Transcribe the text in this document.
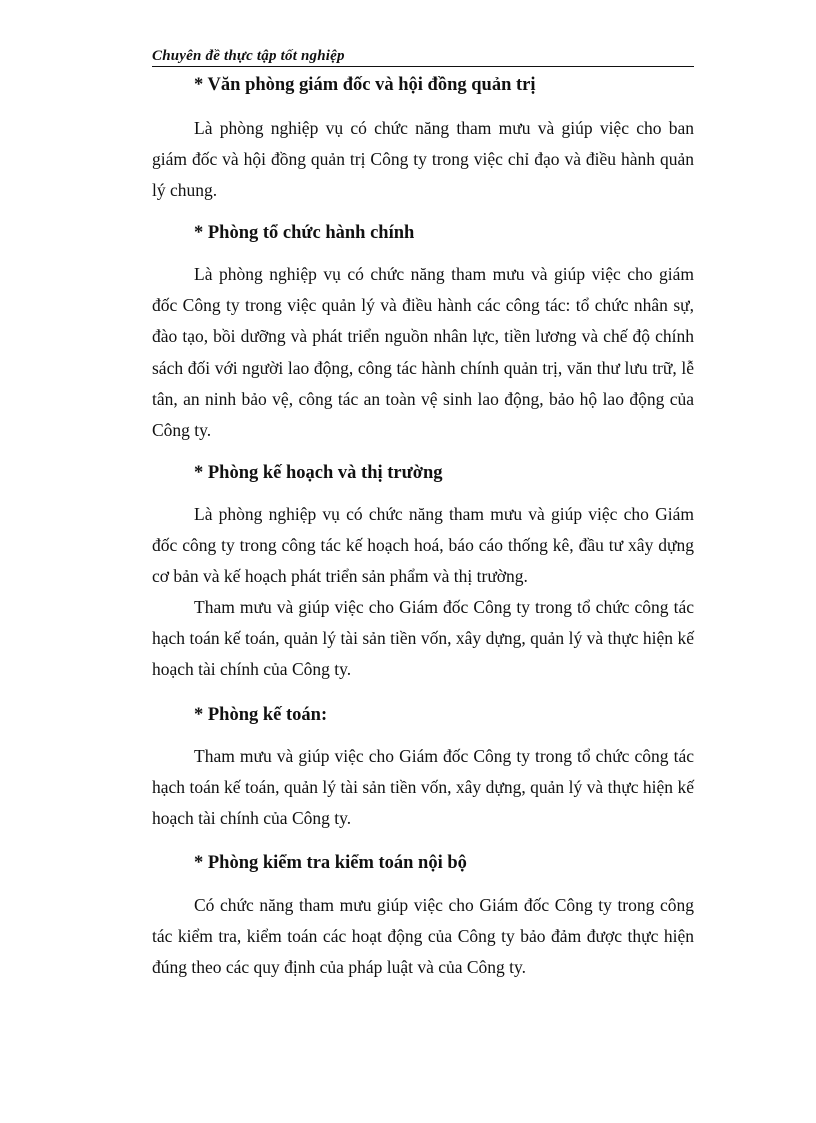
Chuyên đề thực tập tốt nghiệp
* Văn phòng giám đốc và hội đồng quản trị
Là phòng nghiệp vụ có chức năng tham mưu và giúp việc cho ban giám đốc và hội đồng quản trị Công ty trong việc chỉ đạo và điều hành quản lý chung.
* Phòng tổ chức hành chính
Là phòng nghiệp vụ có chức năng tham mưu và giúp việc cho giám đốc Công ty trong việc quản lý và điều hành các công tác: tổ chức nhân sự, đào tạo, bồi dưỡng và phát triển nguồn nhân lực, tiền lương và chế độ chính sách đối với người lao động, công tác hành chính quản trị, văn thư lưu trữ, lễ tân, an ninh bảo vệ, công tác an toàn vệ sinh lao động, bảo hộ lao động của Công ty.
* Phòng kế hoạch và thị trường
Là phòng nghiệp vụ có chức năng tham mưu và giúp việc cho Giám đốc công ty trong công tác kế hoạch hoá, báo cáo thống kê, đầu tư xây dựng cơ bản và kế hoạch phát triển sản phẩm và thị trường.
Tham mưu và giúp việc cho Giám đốc Công ty trong tổ chức công tác hạch toán kế toán, quản lý tài sản tiền vốn, xây dựng, quản lý và thực hiện kế hoạch tài chính của Công ty.
* Phòng kế toán:
Tham mưu và giúp việc cho Giám đốc Công ty trong tổ chức công tác hạch toán kế toán, quản lý tài sản tiền vốn, xây dựng, quản lý và thực hiện kế hoạch tài chính của Công ty.
* Phòng kiểm tra kiểm toán nội bộ
Có chức năng tham mưu giúp việc cho Giám đốc Công ty trong công tác kiểm tra, kiểm toán các hoạt động của Công ty bảo đảm được thực hiện đúng theo các quy định của pháp luật và của Công ty.
